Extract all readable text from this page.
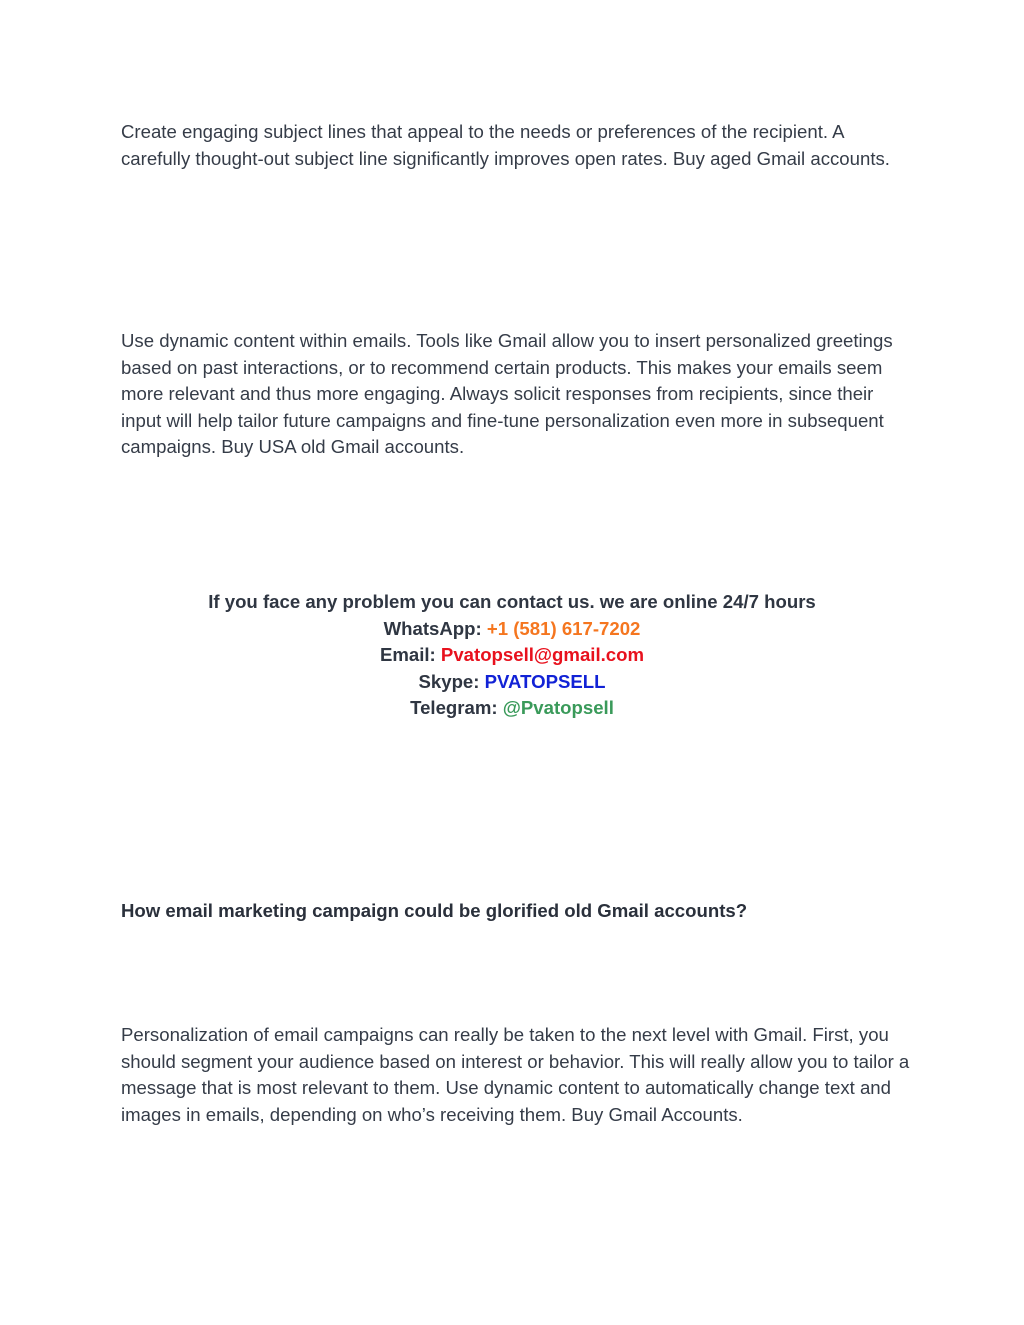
Create engaging subject lines that appeal to the needs or preferences of the recipient. A carefully thought-out subject line significantly improves open rates. Buy aged Gmail accounts.

Use dynamic content within emails. Tools like Gmail allow you to insert personalized greetings based on past interactions, or to recommend certain products. This makes your emails seem more relevant and thus more engaging. Always solicit responses from recipients, since their input will help tailor future campaigns and fine-tune personalization even more in subsequent campaigns. Buy USA old Gmail accounts.

If you face any problem you can contact us. we are online 24/7 hours
WhatsApp: +1 (581) 617-7202
Email: Pvatopsell@gmail.com
Skype: PVATOPSELL
Telegram: @Pvatopsell
How email marketing campaign could be glorified old Gmail accounts?

Personalization of email campaigns can really be taken to the next level with Gmail. First, you should segment your audience based on interest or behavior. This will really allow you to tailor a message that is most relevant to them. Use dynamic content to automatically change text and images in emails, depending on who’s receiving them. Buy Gmail Accounts.
